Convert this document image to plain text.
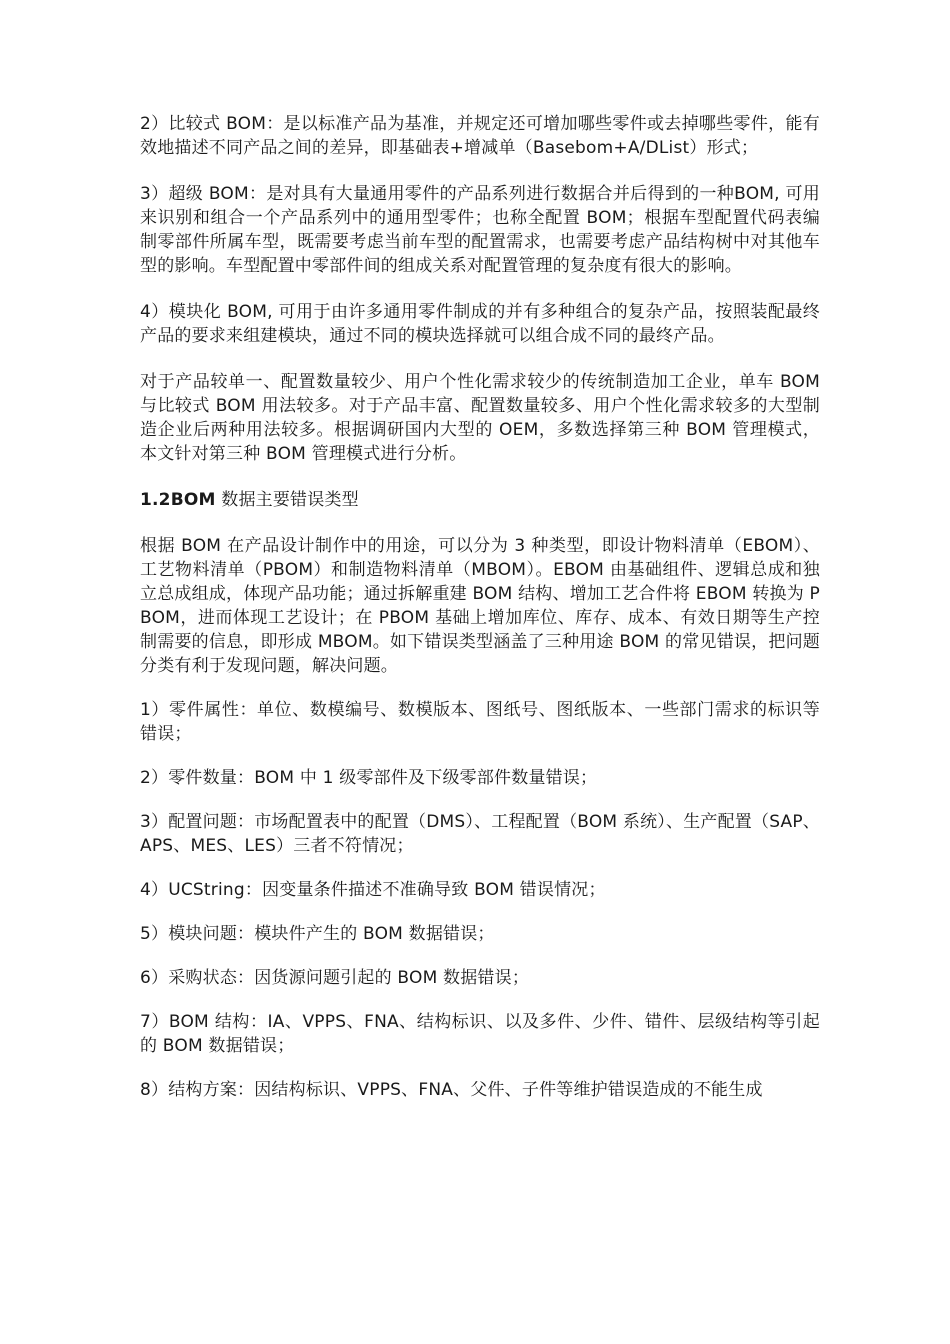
2）比较式 BOM：是以标准产品为基准，并规定还可增加哪些零件或去掉哪些零件，能有效地描述不同产品之间的差异，即基础表+增减单（Basebom+A/DList）形式；

3）超级 BOM：是对具有大量通用零件的产品系列进行数据合并后得到的一种BOM, 可用来识别和组合一个产品系列中的通用型零件；也称全配置 BOM；根据车型配置代码表编制零部件所属车型，既需要考虑当前车型的配置需求，也需要考虑产品结构树中对其他车型的影响。车型配置中零部件间的组成关系对配置管理的复杂度有很大的影响。

4）模块化 BOM, 可用于由许多通用零件制成的并有多种组合的复杂产品，按照装配最终产品的要求来组建模块，通过不同的模块选择就可以组合成不同的最终产品。

对于产品较单一、配置数量较少、用户个性化需求较少的传统制造加工企业，单车 BOM 与比较式 BOM 用法较多。对于产品丰富、配置数量较多、用户个性化需求较多的大型制造企业后两种用法较多。根据调研国内大型的 OEM，多数选择第三种 BOM 管理模式，本文针对第三种 BOM 管理模式进行分析。

1.2BOM 数据主要错误类型

根据 BOM 在产品设计制作中的用途，可以分为 3 种类型，即设计物料清单（EBOM）、工艺物料清单（PBOM）和制造物料清单（MBOM）。EBOM 由基础组件、逻辑总成和独立总成组成，体现产品功能；通过拆解重建 BOM 结构、增加工艺合件将 EBOM 转换为 PBOM，进而体现工艺设计；在 PBOM 基础上增加库位、库存、成本、有效日期等生产控制需要的信息，即形成 MBOM。如下错误类型涵盖了三种用途 BOM 的常见错误，把问题分类有利于发现问题，解决问题。

1）零件属性：单位、数模编号、数模版本、图纸号、图纸版本、一些部门需求的标识等错误；

2）零件数量：BOM 中 1 级零部件及下级零部件数量错误；

3）配置问题：市场配置表中的配置（DMS）、工程配置（BOM 系统）、生产配置（SAP、APS、MES、LES）三者不符情况；

4）UCString：因变量条件描述不准确导致 BOM 错误情况；

5）模块问题：模块件产生的 BOM 数据错误；

6）采购状态：因货源问题引起的 BOM 数据错误；

7）BOM 结构：IA、VPPS、FNA、结构标识、以及多件、少件、错件、层级结构等引起的 BOM 数据错误；

8）结构方案：因结构标识、VPPS、FNA、父件、子件等维护错误造成的不能生成
